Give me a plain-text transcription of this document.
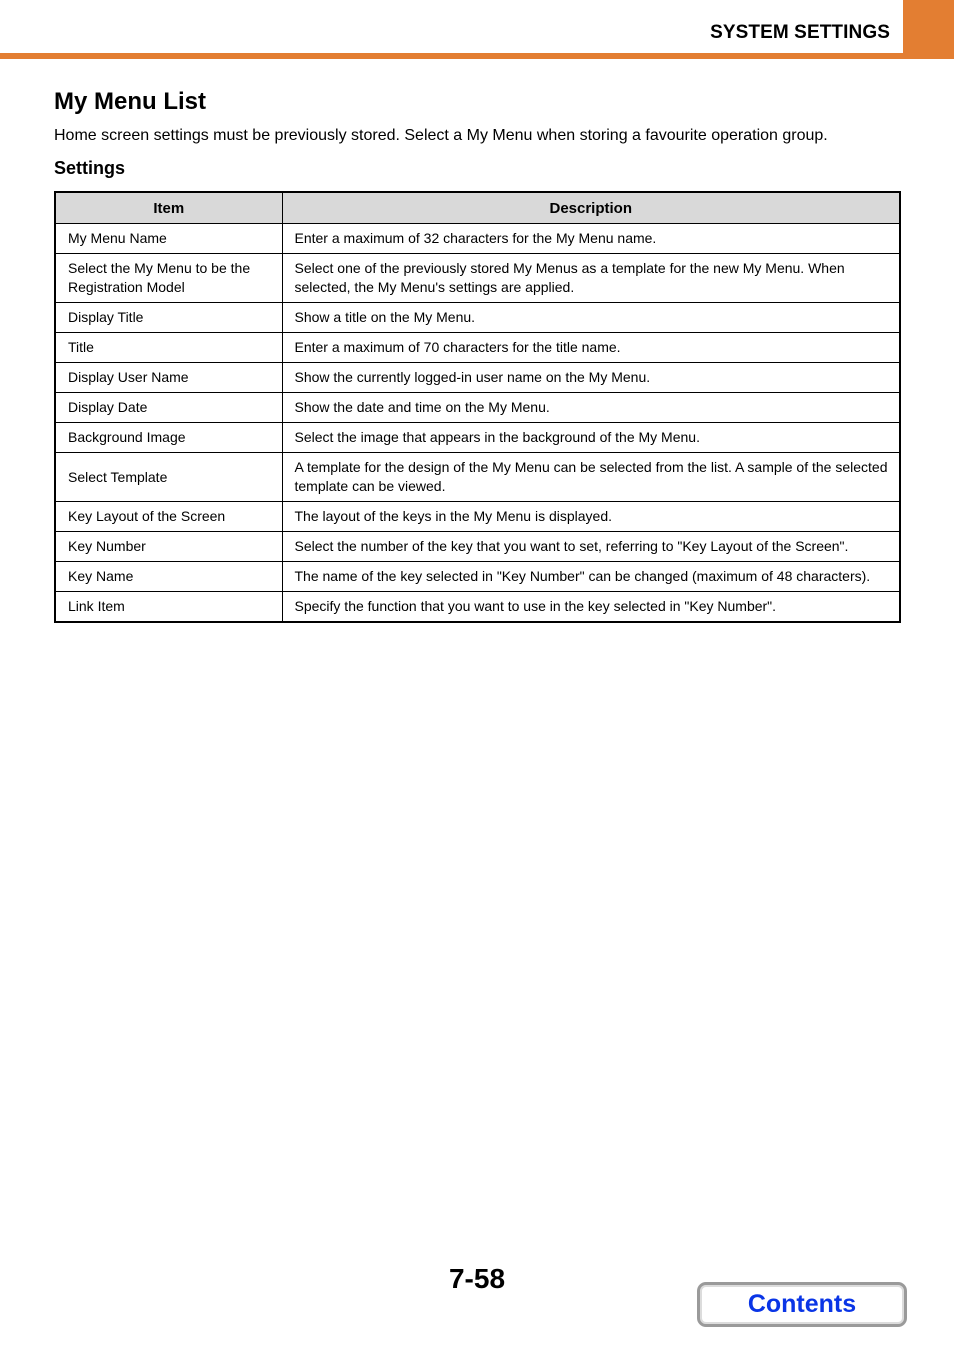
SYSTEM SETTINGS
My Menu List

Home screen settings must be previously stored. Select a My Menu when storing a favourite operation group.

Settings
Item	Description
My Menu Name	Enter a maximum of 32 characters for the My Menu name.
Select the My Menu to be the Registration Model	Select one of the previously stored My Menus as a template for the new My Menu. When selected, the My Menu's settings are applied.
Display Title	Show a title on the My Menu.
Title	Enter a maximum of 70 characters for the title name.
Display User Name	Show the currently logged-in user name on the My Menu.
Display Date	Show the date and time on the My Menu.
Background Image	Select the image that appears in the background of the My Menu.
Select Template	A template for the design of the My Menu can be selected from the list. A sample of the selected template can be viewed.
Key Layout of the Screen	The layout of the keys in the My Menu is displayed.
Key Number	Select the number of the key that you want to set, referring to "Key Layout of the Screen".
Key Name	The name of the key selected in "Key Number" can be changed (maximum of 48 characters).
Link Item	Specify the function that you want to use in the key selected in "Key Number".
7-58
Contents
